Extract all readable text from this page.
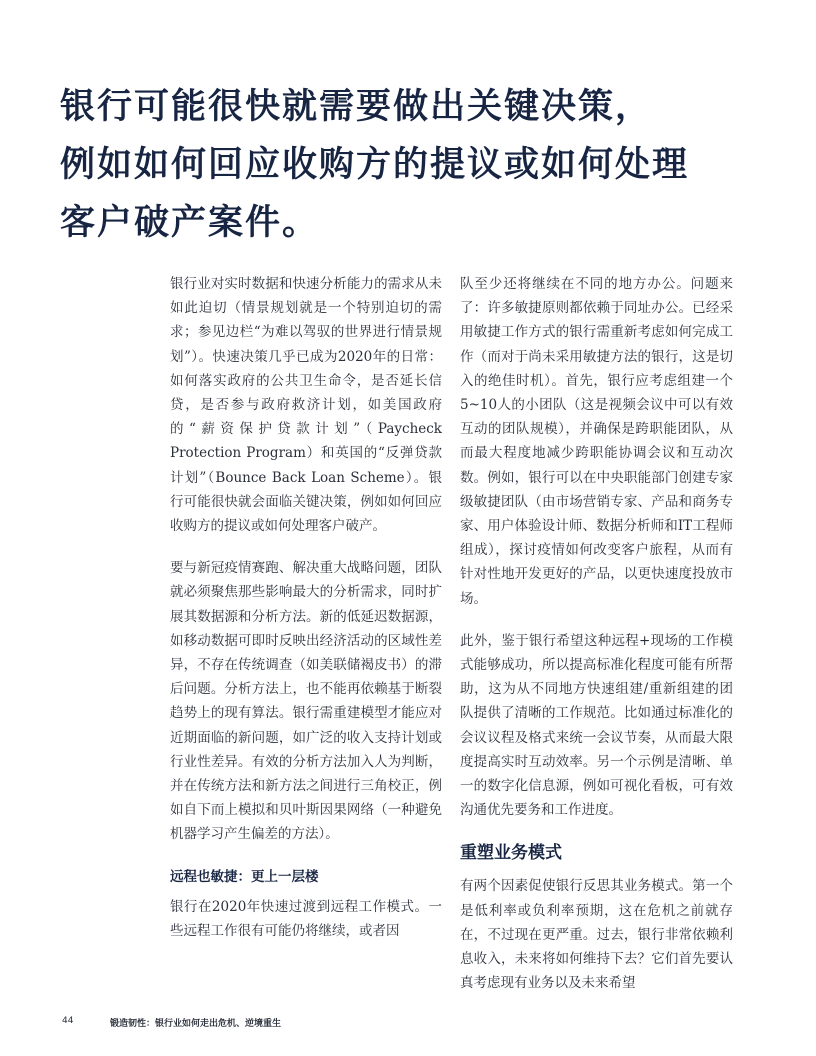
银行可能很快就需要做出关键决策，
例如如何回应收购方的提议或如何处理
客户破产案件。

银行业对实时数据和快速分析能力的需求从未如此迫切（情景规划就是一个特别迫切的需求；参见边栏“为难以驾驭的世界进行情景规划”）。快速决策几乎已成为2020年的日常：如何落实政府的公共卫生命令，是否延长信贷，是否参与政府救济计划，如美国政府的“薪资保护贷款计划”（Paycheck Protection Program）和英国的“反弹贷款计划”（Bounce Back Loan Scheme）。银行可能很快就会面临关键决策，例如如何回应收购方的提议或如何处理客户破产。

要与新冠疫情赛跑、解决重大战略问题，团队就必须聚焦那些影响最大的分析需求，同时扩展其数据源和分析方法。新的低延迟数据源，如移动数据可即时反映出经济活动的区域性差异，不存在传统调查（如美联储褐皮书）的滞后问题。分析方法上，也不能再依赖基于断裂趋势上的现有算法。银行需重建模型才能应对近期面临的新问题，如广泛的收入支持计划或行业性差异。有效的分析方法加入人为判断，并在传统方法和新方法之间进行三角校正，例如自下而上模拟和贝叶斯因果网络（一种避免机器学习产生偏差的方法）。

远程也敏捷：更上一层楼

银行在2020年快速过渡到远程工作模式。一些远程工作很有可能仍将继续，或者因

队至少还将继续在不同的地方办公。问题来了：许多敏捷原则都依赖于同址办公。已经采用敏捷工作方式的银行需重新考虑如何完成工作（而对于尚未采用敏捷方法的银行，这是切入的绝佳时机）。首先，银行应考虑组建一个5~10人的小团队（这是视频会议中可以有效互动的团队规模），并确保是跨职能团队，从而最大程度地减少跨职能协调会议和互动次数。例如，银行可以在中央职能部门创建专家级敏捷团队（由市场营销专家、产品和商务专家、用户体验设计师、数据分析师和IT工程师组成），探讨疫情如何改变客户旅程，从而有针对性地开发更好的产品，以更快速度投放市场。

此外，鉴于银行希望这种远程+现场的工作模式能够成功，所以提高标准化程度可能有所帮助，这为从不同地方快速组建/重新组建的团队提供了清晰的工作规范。比如通过标准化的会议议程及格式来统一会议节奏，从而最大限度提高实时互动效率。另一个示例是清晰、单一的数字化信息源，例如可视化看板，可有效沟通优先要务和工作进度。

重塑业务模式

有两个因素促使银行反思其业务模式。第一个是低利率或负利率预期，这在危机之前就存在，不过现在更严重。过去，银行非常依赖利息收入，未来将如何维持下去？它们首先要认真考虑现有业务以及未来希望

44	锻造韧性：银行业如何走出危机、逆境重生
